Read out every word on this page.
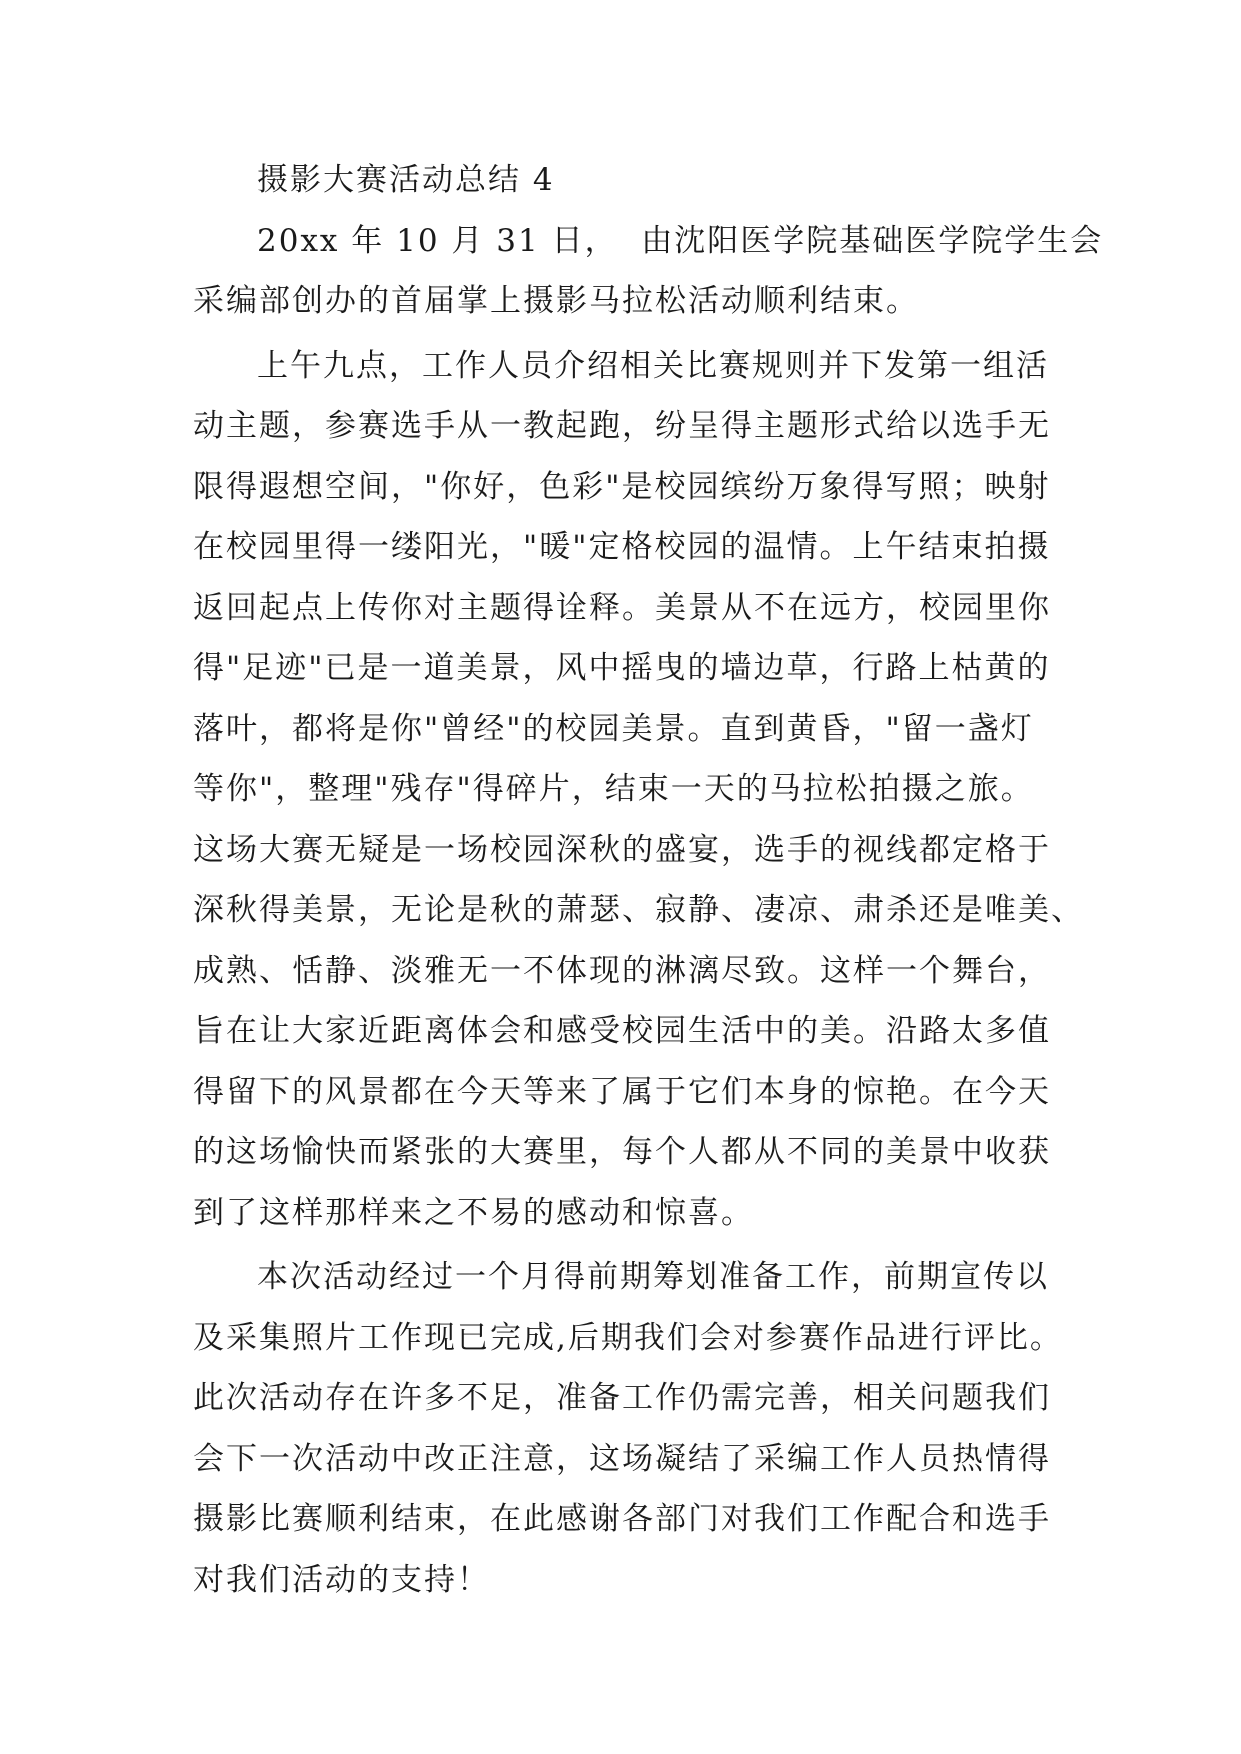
摄影大赛活动总结 4
20xx 年 10 月 31 日，  由沈阳医学院基础医学院学生会
采编部创办的首届掌上摄影马拉松活动顺利结束。
上午九点，工作人员介绍相关比赛规则并下发第一组活
动主题，参赛选手从一教起跑，纷呈得主题形式给以选手无
限得遐想空间，"你好，色彩"是校园缤纷万象得写照；映射
在校园里得一缕阳光，"暖"定格校园的温情。上午结束拍摄
返回起点上传你对主题得诠释。美景从不在远方，校园里你
得"足迹"已是一道美景，风中摇曳的墙边草，行路上枯黄的
落叶，都将是你"曾经"的校园美景。直到黄昏，"留一盏灯
等你"，整理"残存"得碎片，结束一天的马拉松拍摄之旅。
这场大赛无疑是一场校园深秋的盛宴，选手的视线都定格于
深秋得美景，无论是秋的萧瑟、寂静、凄凉、肃杀还是唯美、
成熟、恬静、淡雅无一不体现的淋漓尽致。这样一个舞台，
旨在让大家近距离体会和感受校园生活中的美。沿路太多值
得留下的风景都在今天等来了属于它们本身的惊艳。在今天
的这场愉快而紧张的大赛里，每个人都从不同的美景中收获
到了这样那样来之不易的感动和惊喜。
本次活动经过一个月得前期筹划准备工作，前期宣传以
及采集照片工作现已完成,后期我们会对参赛作品进行评比。
此次活动存在许多不足，准备工作仍需完善，相关问题我们
会下一次活动中改正注意，这场凝结了采编工作人员热情得
摄影比赛顺利结束，在此感谢各部门对我们工作配合和选手
对我们活动的支持！
